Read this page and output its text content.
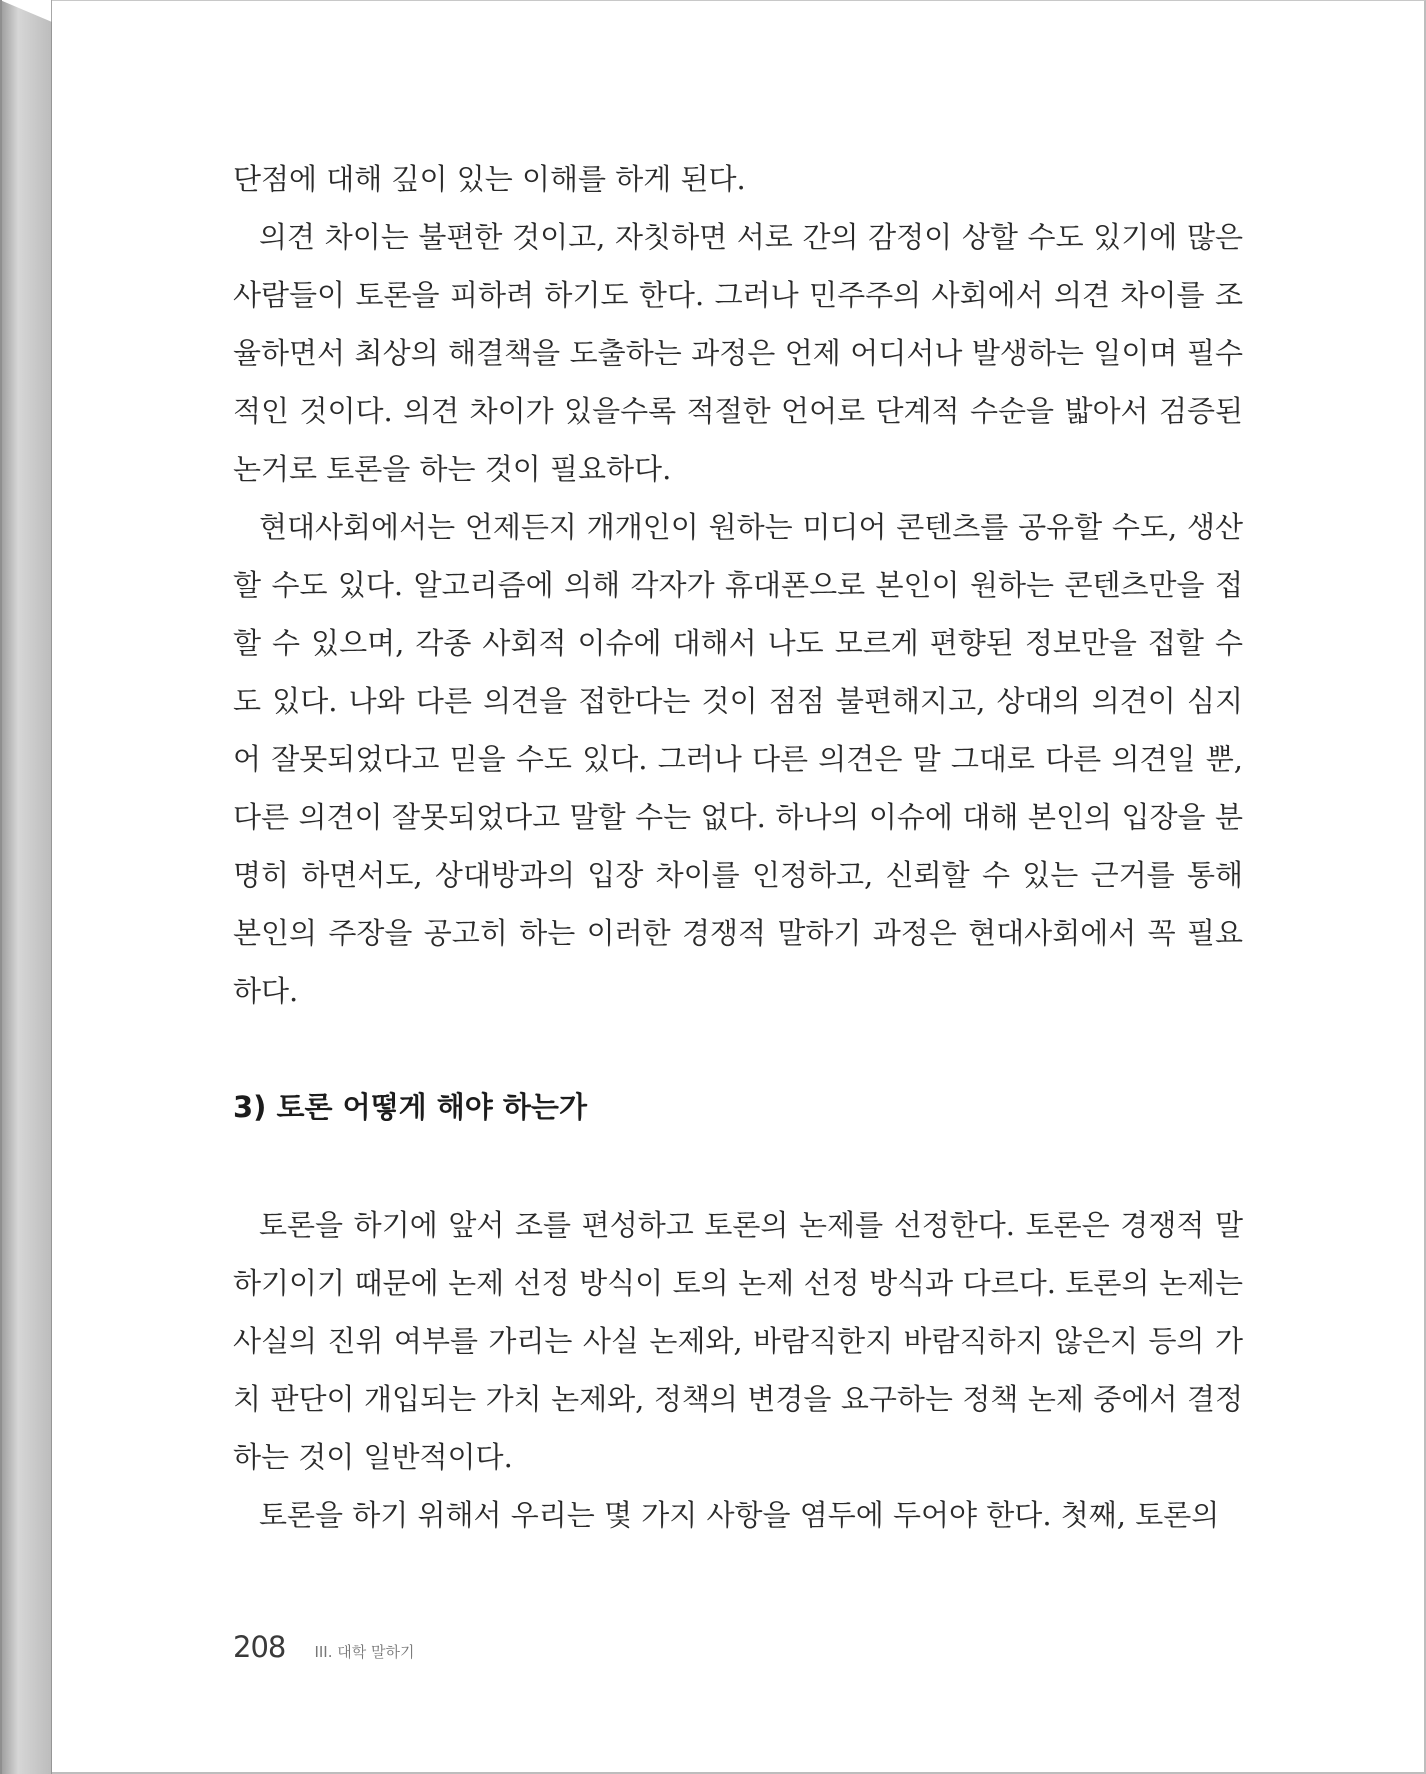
단점에 대해 깊이 있는 이해를 하게 된다.

의견 차이는 불편한 것이고, 자칫하면 서로 간의 감정이 상할 수도 있기에 많은 사람들이 토론을 피하려 하기도 한다. 그러나 민주주의 사회에서 의견 차이를 조율하면서 최상의 해결책을 도출하는 과정은 언제 어디서나 발생하는 일이며 필수적인 것이다. 의견 차이가 있을수록 적절한 언어로 단계적 수순을 밟아서 검증된 논거로 토론을 하는 것이 필요하다.

현대사회에서는 언제든지 개개인이 원하는 미디어 콘텐츠를 공유할 수도, 생산할 수도 있다. 알고리즘에 의해 각자가 휴대폰으로 본인이 원하는 콘텐츠만을 접할 수 있으며, 각종 사회적 이슈에 대해서 나도 모르게 편향된 정보만을 접할 수도 있다. 나와 다른 의견을 접한다는 것이 점점 불편해지고, 상대의 의견이 심지어 잘못되었다고 믿을 수도 있다. 그러나 다른 의견은 말 그대로 다른 의견일 뿐, 다른 의견이 잘못되었다고 말할 수는 없다. 하나의 이슈에 대해 본인의 입장을 분명히 하면서도, 상대방과의 입장 차이를 인정하고, 신뢰할 수 있는 근거를 통해 본인의 주장을 공고히 하는 이러한 경쟁적 말하기 과정은 현대사회에서 꼭 필요하다.

3) 토론 어떻게 해야 하는가

토론을 하기에 앞서 조를 편성하고 토론의 논제를 선정한다. 토론은 경쟁적 말하기이기 때문에 논제 선정 방식이 토의 논제 선정 방식과 다르다. 토론의 논제는 사실의 진위 여부를 가리는 사실 논제와, 바람직한지 바람직하지 않은지 등의 가치 판단이 개입되는 가치 논제와, 정책의 변경을 요구하는 정책 논제 중에서 결정하는 것이 일반적이다.

토론을 하기 위해서 우리는 몇 가지 사항을 염두에 두어야 한다. 첫째, 토론의

208 III. 대학 말하기
